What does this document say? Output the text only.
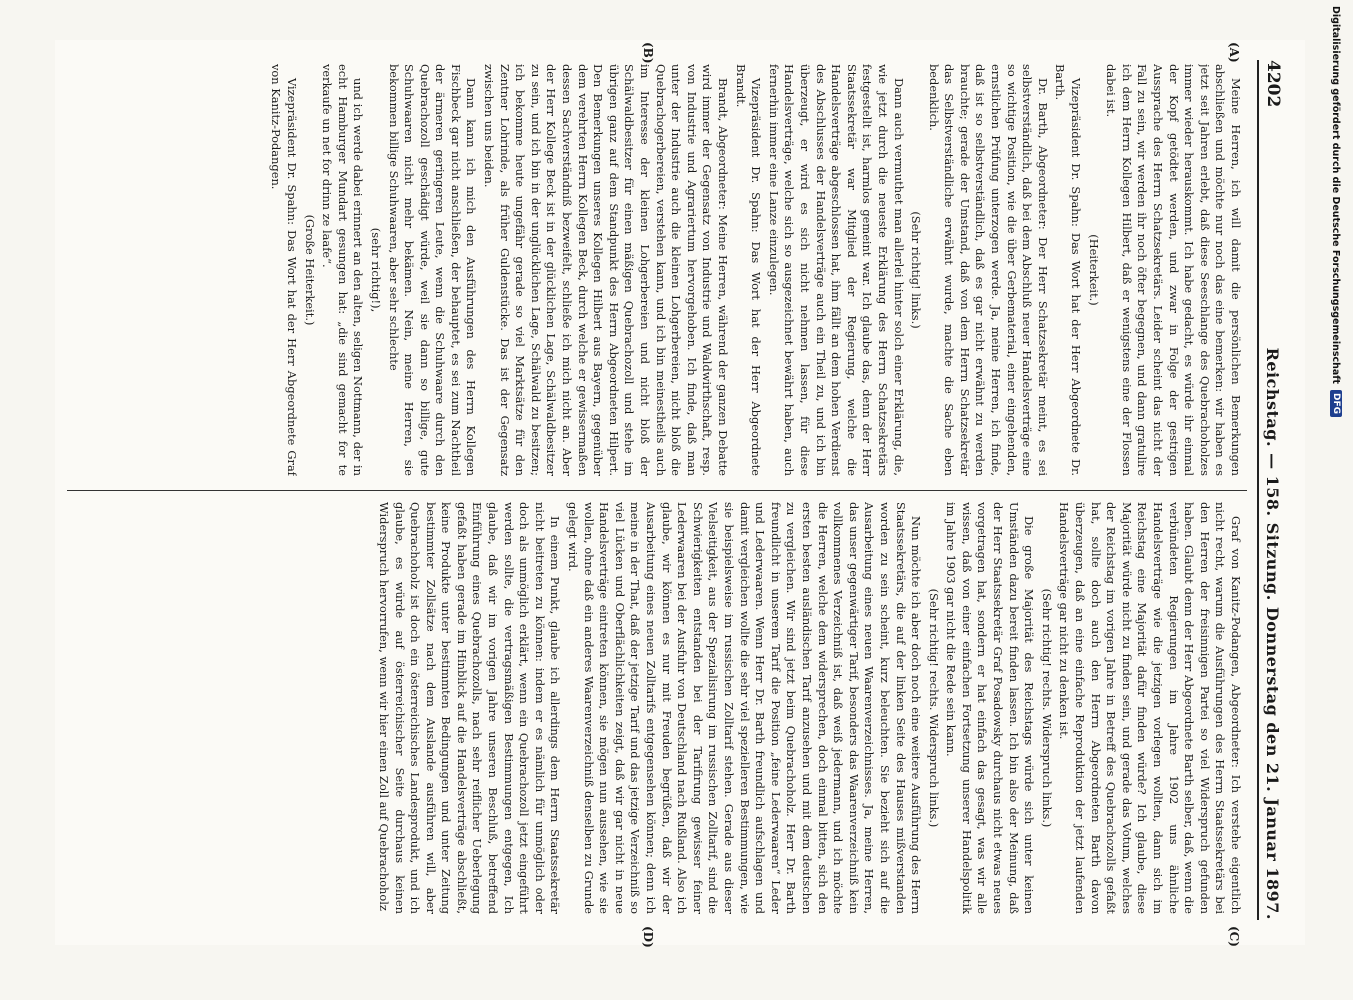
4202
Reichstag. — 158. Sitzung. Donnerstag den 21. Januar 1897.
(A)
(B)
(C)
(D)

Meine Herren, ich will damit die persönlichen Bemerkungen abschließen und möchte nur noch das eine bemerken: wir haben es jetzt seit Jahren erlebt, daß diese Seeschlange des Quebrachoholzes immer wieder herauskommt. Ich habe gedacht, es würde ihr einmal der Kopf getödtet werden, und zwar in Folge der gestrigen Aussprache des Herrn Schatzsekretärs. Leider scheint das nicht der Fall zu sein, wir werden ihr noch öfter begegnen, und dann gratulire ich dem Herrn Kollegen Hilbert, daß er wenigstens eine der Flossen dabei ist.

(Heiterkeit.)

Vizepräsident Dr. Spahn: Das Wort hat der Herr Abgeordnete Dr. Barth.

Dr. Barth, Abgeordneter: Der Herr Schatzsekretär meint, es sei selbstverständlich, daß bei dem Abschluß neuer Handelsverträge eine so wichtige Position, wie die über Gerbematerial, einer eingehenden, ernstlichen Prüfung unterzogen werde. Ja, meine Herren, ich finde, daß ist so selbstverständlich, daß es gar nicht erwähnt zu werden brauchte; gerade der Umstand, daß von dem Herrn Schatzsekretär das Selbstverständliche erwähnt wurde, machte die Sache eben bedenklich.

(Sehr richtig! links.)

Dann auch vermuthet man allerlei hinter solch einer Erklärung, die, wie jetzt durch die neueste Erklärung des Herrn Schatzsekretärs festgestellt ist, harmlos gemeint war. Ich glaube das, denn der Herr Staatssekretär war Mitglied der Regierung, welche die Handelsverträge abgeschlossen hat, ihm fällt an dem hohen Verdienst des Abschlusses der Handelsverträge auch ein Theil zu, und ich bin überzeugt, er wird es sich nicht nehmen lassen, für diese Handelsverträge, welche sich so ausgezeichnet bewährt haben, auch fernerhin immer eine Lanze einzulegen.

Vizepräsident Dr. Spahn: Das Wort hat der Herr Abgeordnete Brandt.

Brandt, Abgeordneter: Meine Herren, während der ganzen Debatte wird immer der Gegensatz von Industrie und Waldwirthschaft, resp. von Industrie und Agrariertum hervorgehoben. Ich finde, daß man unter der Industrie auch die kleinen Lohgerbereien, nicht bloß die Quebrachogerbereien, verstehen kann, und ich bin meinestheils auch im Interesse der kleinen Lohgerbereien und nicht bloß der Schälwaldbesitzer für einen mäßigen Quebrachozoll und stehe im übrigen ganz auf dem Standpunkt des Herrn Abgeordneten Hilpert. Den Bemerkungen unseres Kollegen Hilbert aus Bayern, gegenüber dem verehrten Herrn Kollegen Beck, durch welche er gewissermaßen dessen Sachverständniß bezweifelt, schließe ich mich nicht an. Aber der Herr Kollege Beck ist in der glücklichen Lage, Schälwaldbesitzer zu sein, und ich bin in der unglücklichen Lage, Schälwald zu besitzen; ich bekomme heute ungefähr gerade so viel Marktsätze für den Zentner Lohrinde, als früher Guldenstücke. Das ist der Gegensatz zwischen uns beiden.

Dann kann ich mich den Ausführungen des Herrn Kollegen Fischbeck gar nicht anschließen, der behauptet, es sei zum Nachtheil der ärmeren geringeren Leute, wenn die Schuhwaare durch den Quebrachozoll geschädigt würde, weil sie dann so billige, gute Schuhwaaren nicht mehr bekämen. Nein, meine Herren, sie bekommen billige Schuhwaaren, aber sehr schlechte

(sehr richtig!),

und ich werde dabei erinnert an den alten, seligen Nottmann, der in echt Hamburger Mundart gesungen hat: „die sind gemacht for te verkaufe un net for drinn ze laafe“.

(Große Heiterkeit.)

Vizepräsident Dr. Spahn: Das Wort hat der Herr Abgeordnete Graf von Kanitz-Podangen.

Graf von Kanitz-Podangen, Abgeordneter: Ich verstehe eigentlich nicht recht, warum die Ausführungen des Herrn Staatssekretärs bei den Herren der freisinnigen Partei so viel Widerspruch gefunden haben. Glaubt denn der Herr Abgeordnete Barth selber, daß, wenn die verbündeten Regierungen im Jahre 1902 uns ähnliche Handelsverträge wie die jetzigen vorlegen wollten, dann sich im Reichstag eine Majorität dafür finden würde? Ich glaube, diese Majorität würde nicht zu finden sein, und gerade das Votum, welches der Reichstag im vorigen Jahre in Betreff des Quebrachozolls gefaßt hat, sollte doch auch den Herrn Abgeordneten Barth davon überzeugen, daß an eine einfache Reproduktion der jetzt laufenden Handelsverträge gar nicht zu denken ist.

(Sehr richtig! rechts. Widerspruch links.)

Die große Majorität des Reichstags würde sich unter keinen Umständen dazu bereit finden lassen. Ich bin also der Meinung, daß der Herr Staatssekretär Graf Posadowsky durchaus nicht etwas neues vorgetragen hat, sondern er hat einfach das gesagt, was wir alle wissen, daß von einer einfachen Fortsetzung unserer Handelspolitik im Jahre 1903 gar nicht die Rede sein kann.

(Sehr richtig! rechts. Widerspruch links.)

Nun möchte ich aber doch noch eine weitere Ausführung des Herrn Staatssekretärs, die auf der linken Seite des Hauses mißverstanden worden zu sein scheint, kurz beleuchten. Sie bezieht sich auf die Ausarbeitung eines neuen Waarenverzeichnisses. Ja, meine Herren, das unser gegenwärtiger Tarif, besonders das Waarenverzeichniß kein vollkommenes Verzeichniß ist, daß weiß jedermann, und ich möchte die Herren, welche dem widersprechen, doch einmal bitten, sich den ersten besten ausländischen Tarif anzusehen und mit dem deutschen zu vergleichen. Wir sind jetzt beim Quebrachoholz. Herr Dr. Barth freundlicht in unserem Tarif die Position „feine Lederwaaren“ Leder und Lederwaaren. Wenn Herr Dr. Barth freundlich aufschlagen und damit vergleichen wollte die sehr viel spezielleren Bestimmungen, wie sie beispielsweise im russischen Zolltarif stehen. Gerade aus dieser Vielseitigkeit, aus der Spezialisirung im russischen Zolltarif, sind die Schwierigkeiten entstanden bei der Tarifirung gewisser feiner Lederwaaren bei der Ausfuhr von Deutschland nach Rußland. Also ich glaube, wir können es nur mit Freuden begrüßen, daß wir der Ausarbeitung eines neuen Zolltarifs entgegensehen können; denn ich meine in der That, daß der jetzige Tarif und das jetzige Verzeichniß so viel Lücken und Oberflächlichkeiten zeigt, daß wir gar nicht in neue Handelsverträge eintreten können, sie mögen nun aussehen, wie sie wollen, ohne daß ein anderes Waarenverzeichniß denselben zu Grunde gelegt wird.

In einem Punkt, glaube ich allerdings dem Herrn Staatssekretär nicht beitreten zu können: indem er es nämlich für unmöglich oder doch als unmöglich erklärt, wenn ein Quebrachozoll jetzt eingeführt werden sollte, die vertragsmäßigen Bestimmungen entgegen, Ich glaube, daß wir im vorigen Jahre unseren Beschluß, betreffend Einführung eines Quebrachozolls, nach sehr reiflicher Ueberlegung gefaßt haben gerade im Hinblick auf die Handelsverträge abschließt, keine Produkte unter bestimmten Bedingungen und unter Zeitung bestimmter Zollsätze nach dem Auslande ausführen will, aber Quebrachoholz ist doch ein österreichisches Landesprodukt, und ich glaube, es würde auf österreichischer Seite durchaus keinen Widerspruch hervorrufen, wenn wir hier einen Zoll auf Quebrachoholz

Digitalisierung gefördert durch die Deutsche Forschungsgemeinschaft
DFG
